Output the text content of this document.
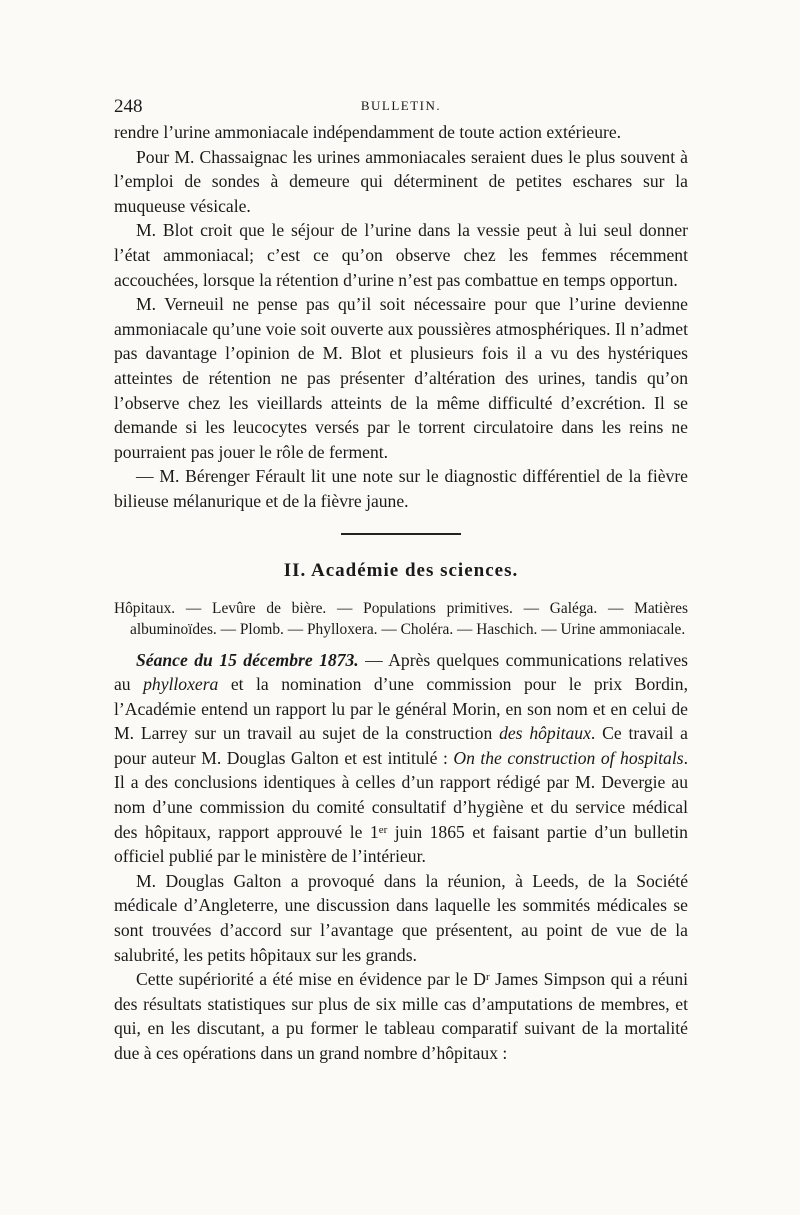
248	BULLETIN.

rendre l’urine ammoniacale indépendamment de toute action extérieure.

Pour M. Chassaignac les urines ammoniacales seraient dues le plus souvent à l’emploi de sondes à demeure qui déterminent de petites eschares sur la muqueuse vésicale.

M. Blot croit que le séjour de l’urine dans la vessie peut à lui seul donner l’état ammoniacal; c’est ce qu’on observe chez les femmes récemment accouchées, lorsque la rétention d’urine n’est pas combattue en temps opportun.

M. Verneuil ne pense pas qu’il soit nécessaire pour que l’urine devienne ammoniacale qu’une voie soit ouverte aux poussières atmosphériques. Il n’admet pas davantage l’opinion de M. Blot et plusieurs fois il a vu des hystériques atteintes de rétention ne pas présenter d’altération des urines, tandis qu’on l’observe chez les vieillards atteints de la même difficulté d’excrétion. Il se demande si les leucocytes versés par le torrent circulatoire dans les reins ne pourraient pas jouer le rôle de ferment.

— M. Bérenger Férault lit une note sur le diagnostic différentiel de la fièvre bilieuse mélanurique et de la fièvre jaune.

II. Académie des sciences.
Hôpitaux. — Levûre de bière. — Populations primitives. — Galéga. — Matières albuminoïdes. — Plomb. — Phylloxera. — Choléra. — Haschich. — Urine ammoniacale.

Séance du 15 décembre 1873. — Après quelques communications relatives au phylloxera et la nomination d’une commission pour le prix Bordin, l’Académie entend un rapport lu par le général Morin, en son nom et en celui de M. Larrey sur un travail au sujet de la construction des hôpitaux. Ce travail a pour auteur M. Douglas Galton et est intitulé : On the construction of hospitals. Il a des conclusions identiques à celles d’un rapport rédigé par M. Devergie au nom d’une commission du comité consultatif d’hygiène et du service médical des hôpitaux, rapport approuvé le 1er juin 1865 et faisant partie d’un bulletin officiel publié par le ministère de l’intérieur.

M. Douglas Galton a provoqué dans la réunion, à Leeds, de la Société médicale d’Angleterre, une discussion dans laquelle les sommités médicales se sont trouvées d’accord sur l’avantage que présentent, au point de vue de la salubrité, les petits hôpitaux sur les grands.

Cette supériorité a été mise en évidence par le $D^r$ James Simpson qui a réuni des résultats statistiques sur plus de six mille cas d’amputations de membres, et qui, en les discutant, a pu former le tableau comparatif suivant de la mortalité due à ces opérations dans un grand nombre d’hôpitaux :
